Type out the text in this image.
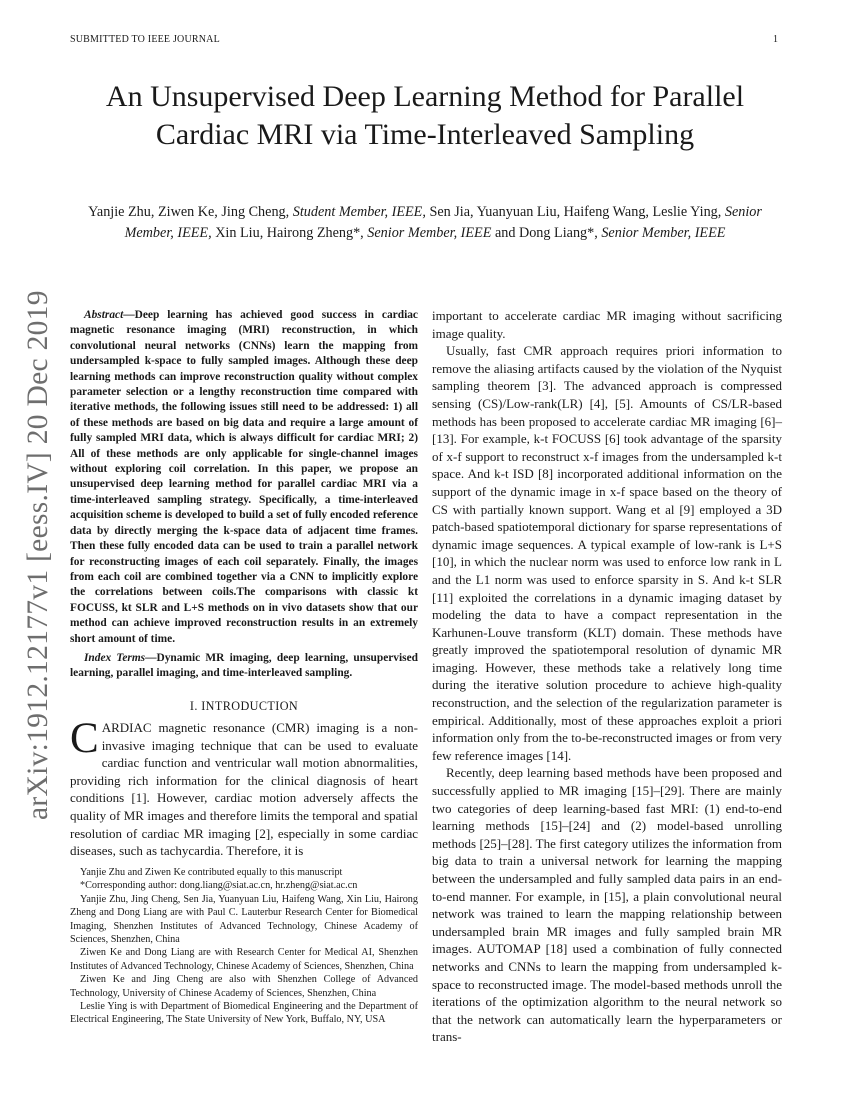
SUBMITTED TO IEEE JOURNAL	1
arXiv:1912.12177v1 [eess.IV] 20 Dec 2019
An Unsupervised Deep Learning Method for Parallel Cardiac MRI via Time-Interleaved Sampling
Yanjie Zhu, Ziwen Ke, Jing Cheng, Student Member, IEEE, Sen Jia, Yuanyuan Liu, Haifeng Wang, Leslie Ying, Senior Member, IEEE, Xin Liu, Hairong Zheng*, Senior Member, IEEE and Dong Liang*, Senior Member, IEEE

Abstract—Deep learning has achieved good success in cardiac magnetic resonance imaging (MRI) reconstruction, in which convolutional neural networks (CNNs) learn the mapping from undersampled k-space to fully sampled images. Although these deep learning methods can improve reconstruction quality without complex parameter selection or a lengthy reconstruction time compared with iterative methods, the following issues still need to be addressed: 1) all of these methods are based on big data and require a large amount of fully sampled MRI data, which is always difficult for cardiac MRI; 2) All of these methods are only applicable for single-channel images without exploring coil correlation. In this paper, we propose an unsupervised deep learning method for parallel cardiac MRI via a time-interleaved sampling strategy. Specifically, a time-interleaved acquisition scheme is developed to build a set of fully encoded reference data by directly merging the k-space data of adjacent time frames. Then these fully encoded data can be used to train a parallel network for reconstructing images of each coil separately. Finally, the images from each coil are combined together via a CNN to implicitly explore the correlations between coils.The comparisons with classic kt FOCUSS, kt SLR and L+S methods on in vivo datasets show that our method can achieve improved reconstruction results in an extremely short amount of time.

Index Terms—Dynamic MR imaging, deep learning, unsupervised learning, parallel imaging, and time-interleaved sampling.

I. INTRODUCTION

CARDIAC magnetic resonance (CMR) imaging is a non-invasive imaging technique that can be used to evaluate cardiac function and ventricular wall motion abnormalities, providing rich information for the clinical diagnosis of heart conditions [1]. However, cardiac motion adversely affects the quality of MR images and therefore limits the temporal and spatial resolution of cardiac MR imaging [2], especially in some cardiac diseases, such as tachycardia. Therefore, it is

Yanjie Zhu and Ziwen Ke contributed equally to this manuscript

*Corresponding author: dong.liang@siat.ac.cn, hr.zheng@siat.ac.cn

Yanjie Zhu, Jing Cheng, Sen Jia, Yuanyuan Liu, Haifeng Wang, Xin Liu, Hairong Zheng and Dong Liang are with Paul C. Lauterbur Research Center for Biomedical Imaging, Shenzhen Institutes of Advanced Technology, Chinese Academy of Sciences, Shenzhen, China

Ziwen Ke and Dong Liang are with Research Center for Medical AI, Shenzhen Institutes of Advanced Technology, Chinese Academy of Sciences, Shenzhen, China

Ziwen Ke and Jing Cheng are also with Shenzhen College of Advanced Technology, University of Chinese Academy of Sciences, Shenzhen, China

Leslie Ying is with Department of Biomedical Engineering and the Department of Electrical Engineering, The State University of New York, Buffalo, NY, USA

important to accelerate cardiac MR imaging without sacrificing image quality.

Usually, fast CMR approach requires priori information to remove the aliasing artifacts caused by the violation of the Nyquist sampling theorem [3]. The advanced approach is compressed sensing (CS)/Low-rank(LR) [4], [5]. Amounts of CS/LR-based methods has been proposed to accelerate cardiac MR imaging [6]–[13]. For example, k-t FOCUSS [6] took advantage of the sparsity of x-f support to reconstruct x-f images from the undersampled k-t space. And k-t ISD [8] incorporated additional information on the support of the dynamic image in x-f space based on the theory of CS with partially known support. Wang et al [9] employed a 3D patch-based spatiotemporal dictionary for sparse representations of dynamic image sequences. A typical example of low-rank is L+S [10], in which the nuclear norm was used to enforce low rank in L and the L1 norm was used to enforce sparsity in S. And k-t SLR [11] exploited the correlations in a dynamic imaging dataset by modeling the data to have a compact representation in the Karhunen-Louve transform (KLT) domain. These methods have greatly improved the spatiotemporal resolution of dynamic MR imaging. However, these methods take a relatively long time during the iterative solution procedure to achieve high-quality reconstruction, and the selection of the regularization parameter is empirical. Additionally, most of these approaches exploit a priori information only from the to-be-reconstructed images or from very few reference images [14].

Recently, deep learning based methods have been proposed and successfully applied to MR imaging [15]–[29]. There are mainly two categories of deep learning-based fast MRI: (1) end-to-end learning methods [15]–[24] and (2) model-based unrolling methods [25]–[28]. The first category utilizes the information from big data to train a universal network for learning the mapping between the undersampled and fully sampled data pairs in an end-to-end manner. For example, in [15], a plain convolutional neural network was trained to learn the mapping relationship between undersampled brain MR images and fully sampled brain MR images. AUTOMAP [18] used a combination of fully connected networks and CNNs to learn the mapping from undersampled k-space to reconstructed image. The model-based methods unroll the iterations of the optimization algorithm to the neural network so that the network can automatically learn the hyperparameters or trans-
